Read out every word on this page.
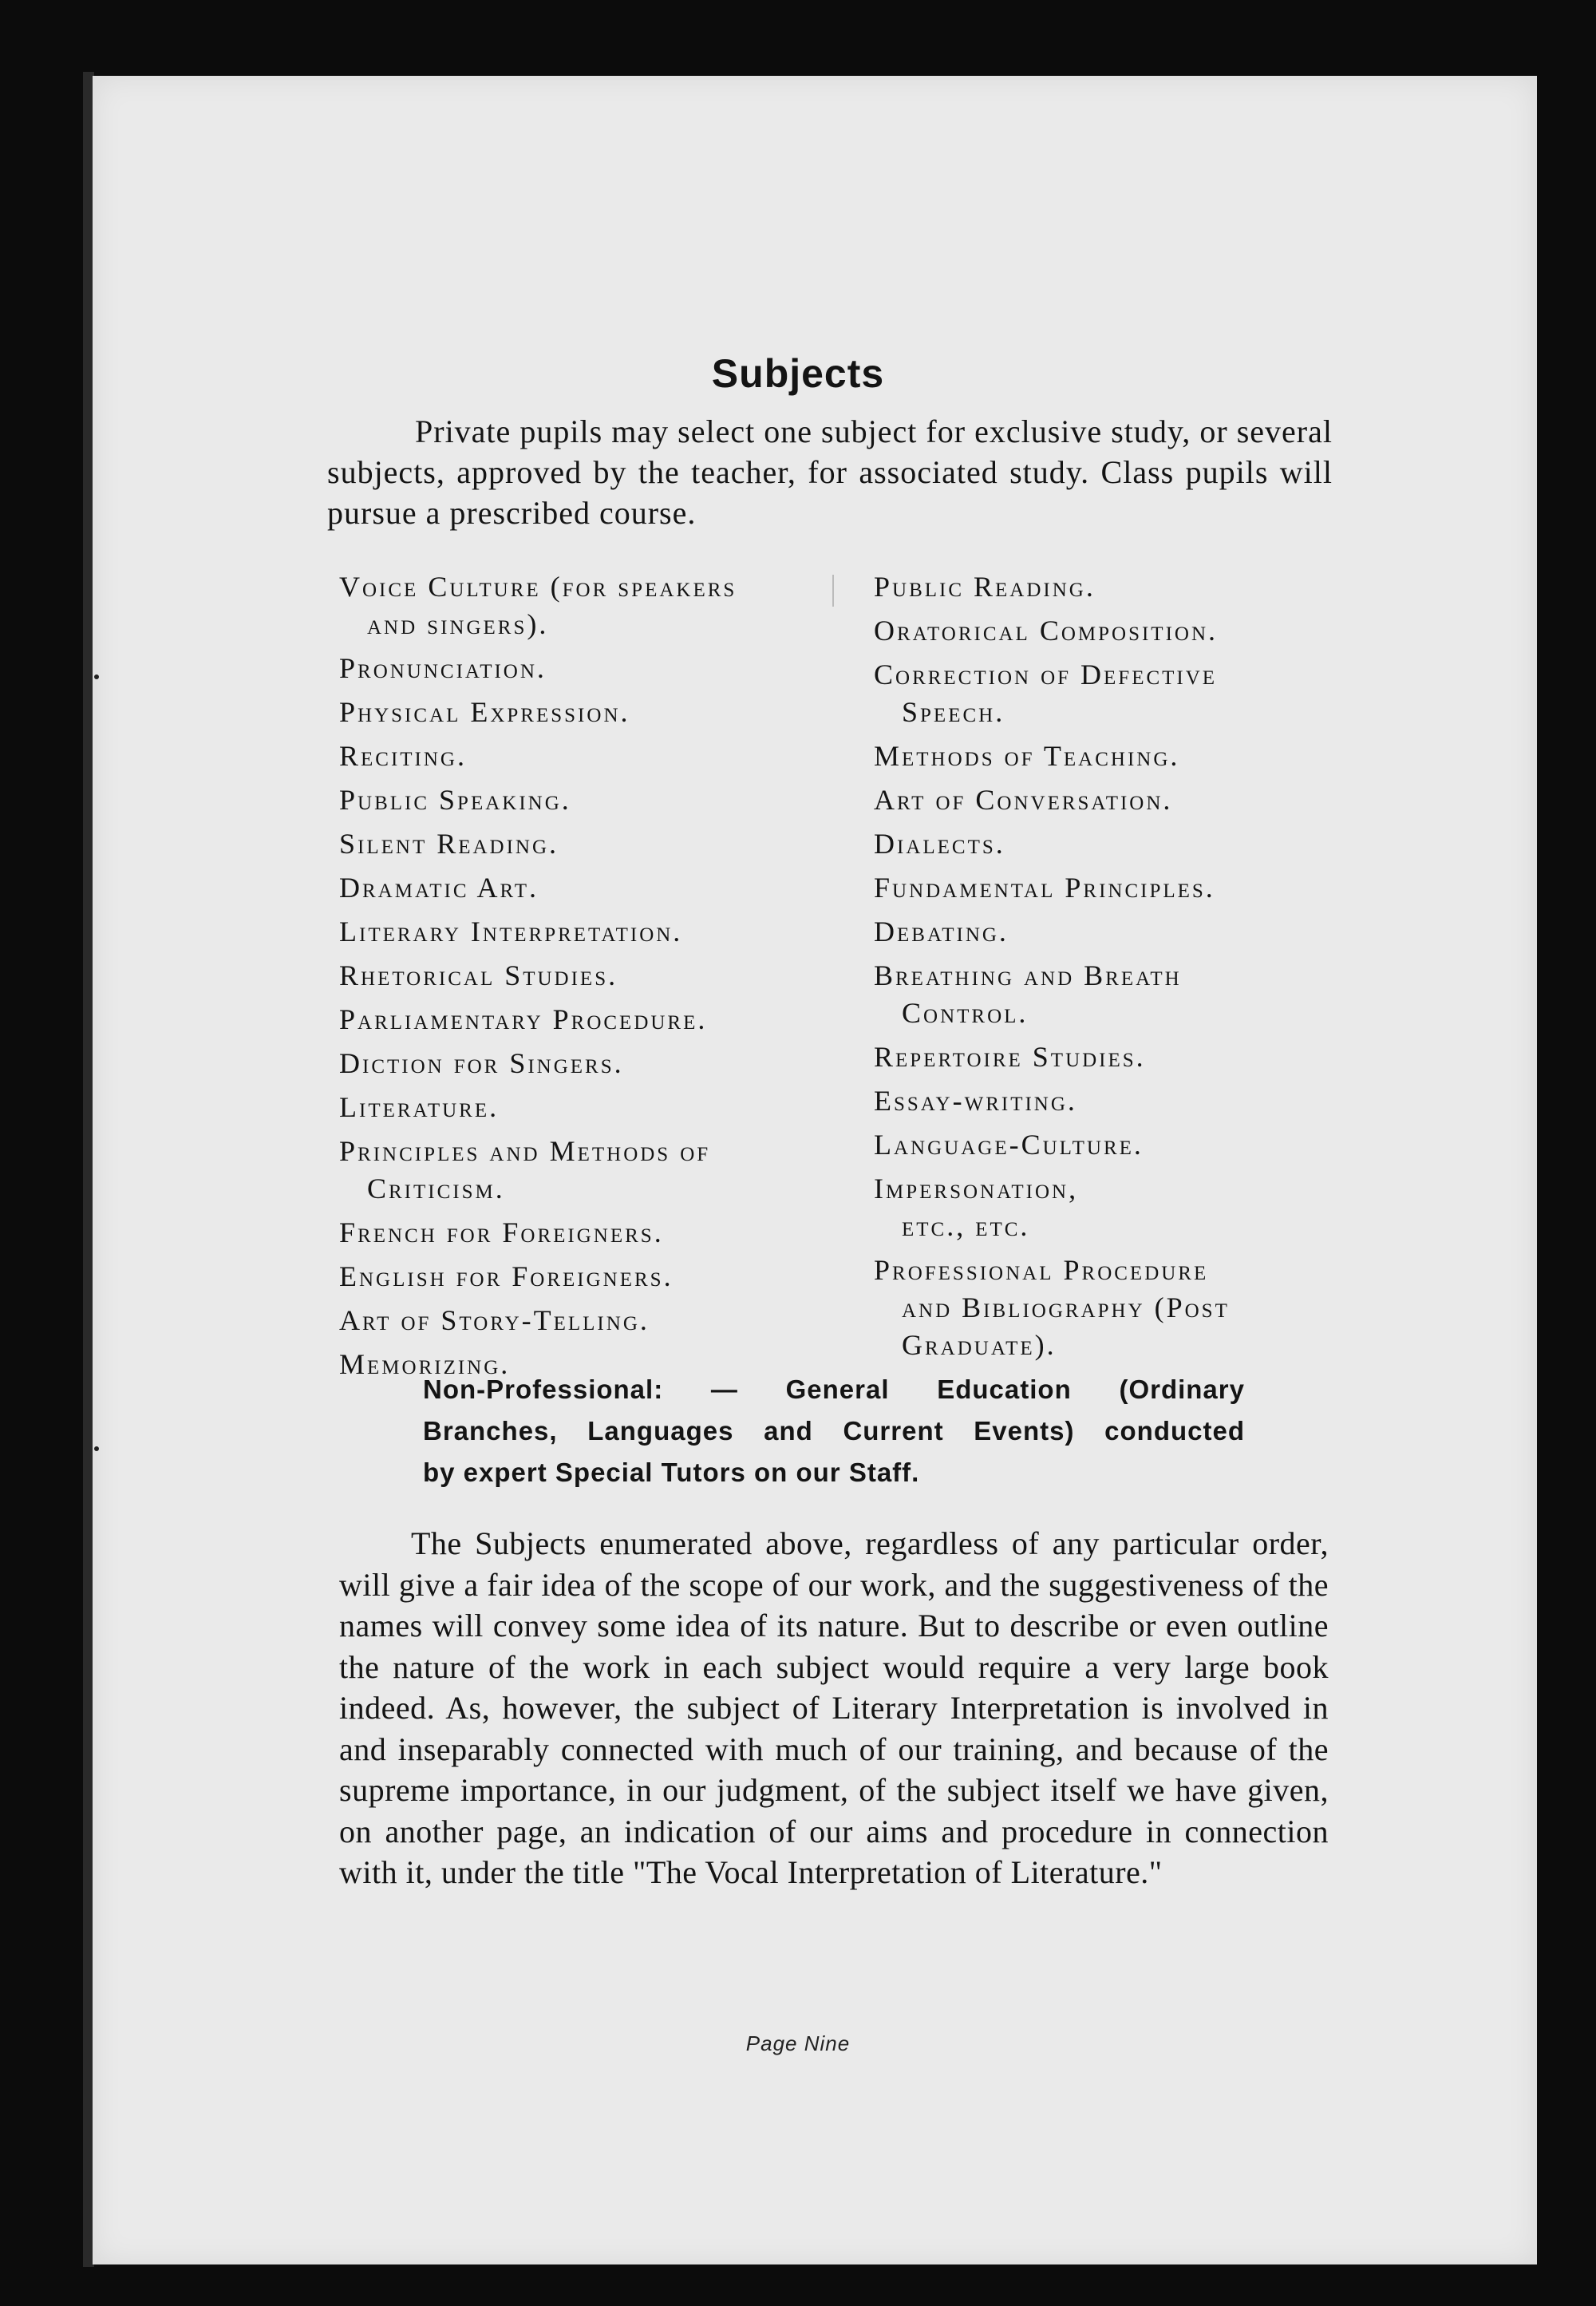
Subjects

Private pupils may select one subject for exclusive study, or several subjects, approved by the teacher, for associated study. Class pupils will pursue a prescribed course.

Voice Culture (for speakers
and singers).
Pronunciation.
Physical Expression.
Reciting.
Public Speaking.
Silent Reading.
Dramatic Art.
Literary Interpretation.
Rhetorical Studies.
Parliamentary Procedure.
Diction for Singers.
Literature.
Principles and Methods of
Criticism.
French for Foreigners.
English for Foreigners.
Art of Story-Telling.
Memorizing.
Public Reading.
Oratorical Composition.
Correction of Defective
Speech.
Methods of Teaching.
Art of Conversation.
Dialects.
Fundamental Principles.
Debating.
Breathing and Breath
Control.
Repertoire Studies.
Essay-writing.
Language-Culture.
Impersonation,
etc., etc.
Professional Procedure
and Bibliography (Post Graduate).
Non-Professional: — General Education (Ordinary
Branches, Languages and Current Events) conducted
by expert Special Tutors on our Staff.

The Subjects enumerated above, regardless of any particular order, will give a fair idea of the scope of our work, and the suggestiveness of the names will convey some idea of its nature. But to describe or even outline the nature of the work in each subject would require a very large book indeed. As, however, the subject of Literary Interpretation is involved in and inseparably connected with much of our training, and because of the supreme importance, in our judgment, of the subject itself we have given, on another page, an indication of our aims and procedure in connection with it, under the title "The Vocal Interpretation of Literature."

Page Nine
